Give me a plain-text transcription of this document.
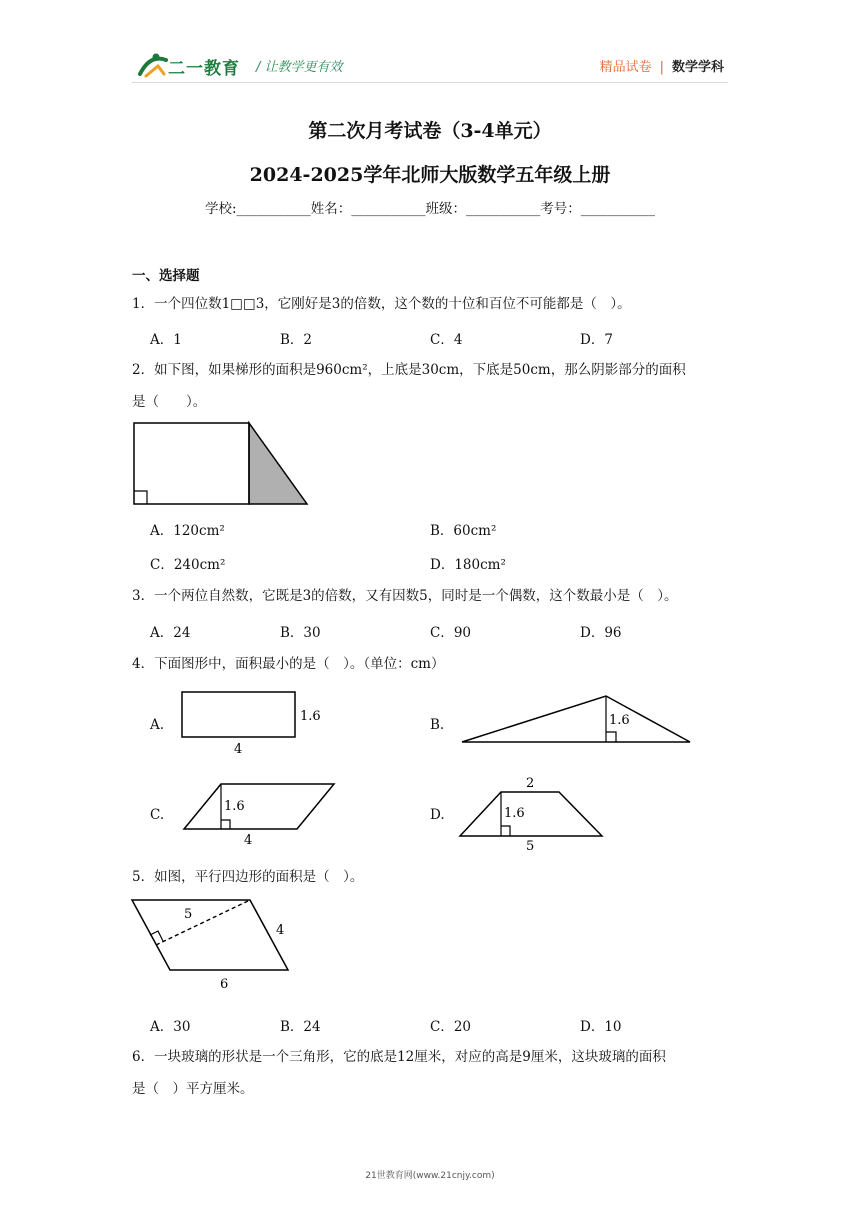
二一教育 / 让教学更有效	精品试卷 | 数学学科
第二次月考试卷（3-4单元）
2024-2025学年北师大版数学五年级上册
学校:___________姓名：___________班级：___________考号：___________
一、选择题
1．一个四位数1□□3，它刚好是3的倍数，这个数的十位和百位不可能都是（　）。
A．1	B．2	C．4	D．7
2．如下图，如果梯形的面积是960cm²，上底是30cm，下底是50cm，那么阴影部分的面积
是（　　）。
A．120cm²	B．60cm²
C．240cm²	D．180cm²
3．一个两位自然数，它既是3的倍数，又有因数5，同时是一个偶数，这个数最小是（　）。
A．24	B．30	C．90	D．96
4．下面图形中，面积最小的是（　）。（单位：cm）
A.
1.6
4
B.	1.6
C.
1.6
4
D.
2
1.6
5
5．如图，平行四边形的面积是（　）。
5
4
6
A．30	B．24	C．20	D．10
6．一块玻璃的形状是一个三角形，它的底是12厘米，对应的高是9厘米，这块玻璃的面积
是（　）平方厘米。
21世教育网(www.21cnjy.com)
